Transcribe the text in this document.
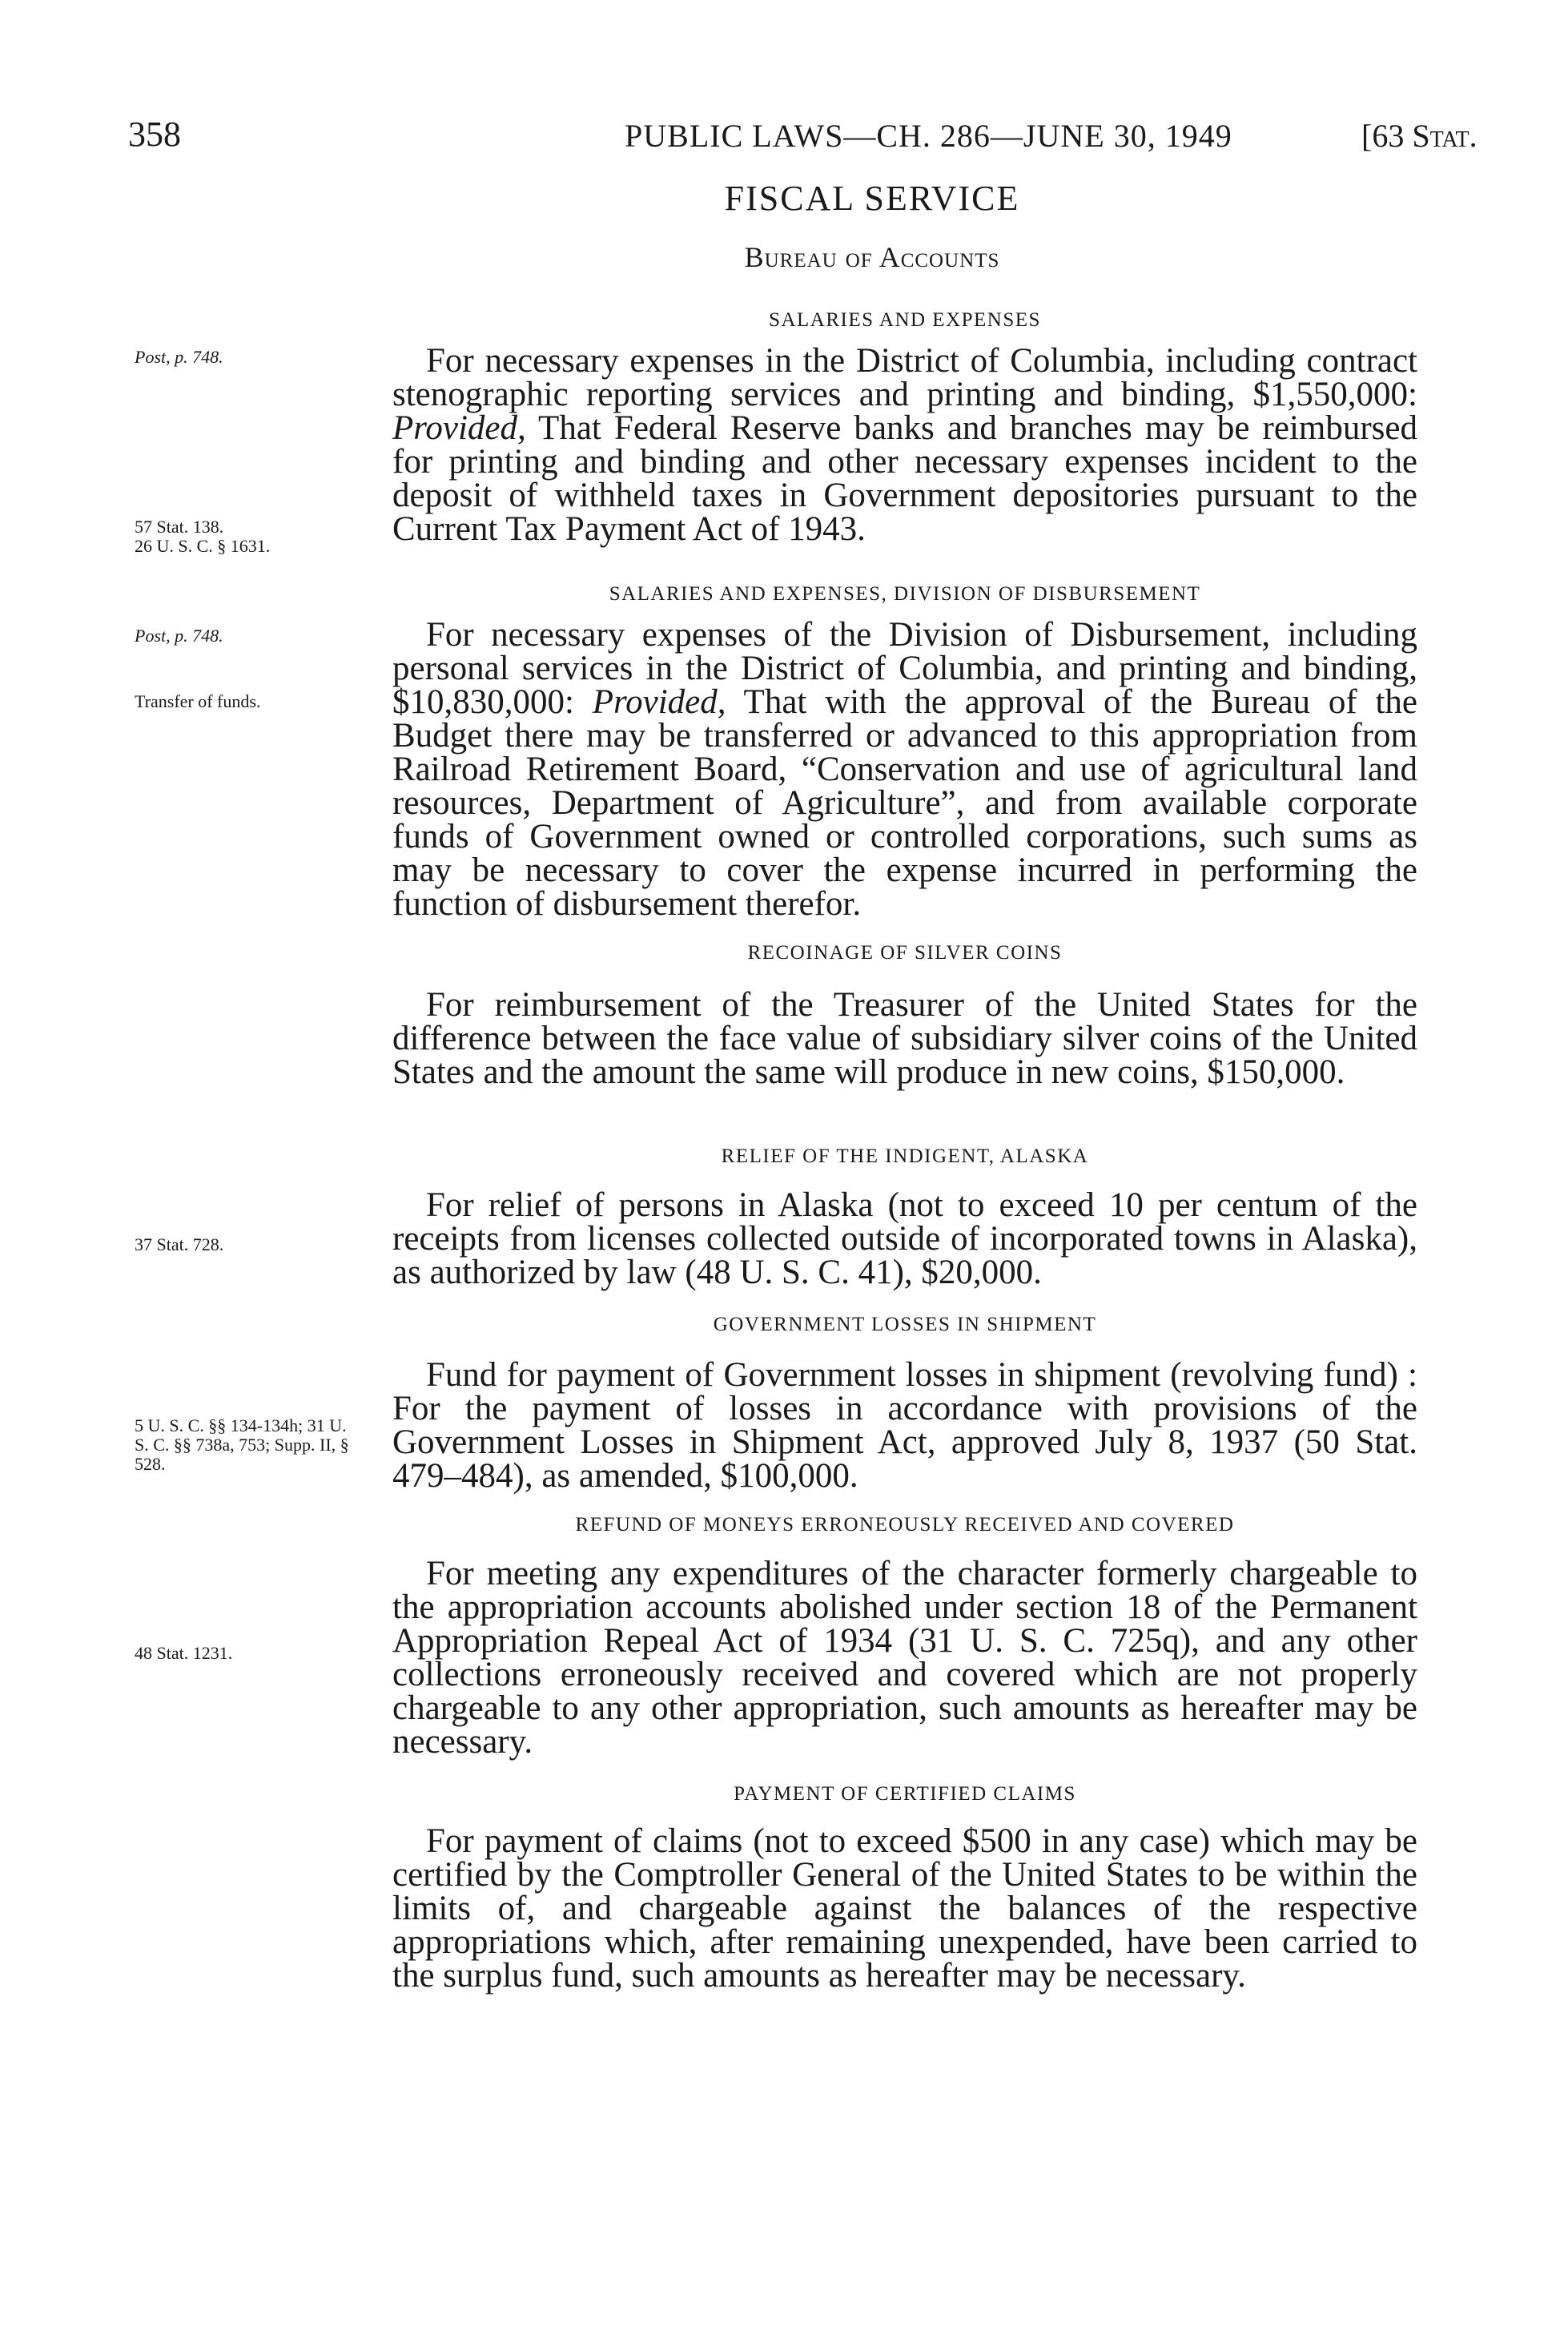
358	PUBLIC LAWS—CH. 286—JUNE 30, 1949	[63 Stat.
FISCAL SERVICE
Bureau of Accounts
SALARIES AND EXPENSES

For necessary expenses in the District of Columbia, including contract stenographic reporting services and printing and binding, $1,550,000: Provided, That Federal Reserve banks and branches may be reimbursed for printing and binding and other necessary expenses incident to the deposit of withheld taxes in Government depositories pursuant to the Current Tax Payment Act of 1943.

SALARIES AND EXPENSES, DIVISION OF DISBURSEMENT

For necessary expenses of the Division of Disbursement, including personal services in the District of Columbia, and printing and binding, $10,830,000: Provided, That with the approval of the Bureau of the Budget there may be transferred or advanced to this appropriation from Railroad Retirement Board, “Conservation and use of agricultural land resources, Department of Agriculture”, and from available corporate funds of Government owned or controlled corporations, such sums as may be necessary to cover the expense incurred in performing the function of disbursement therefor.

RECOINAGE OF SILVER COINS

For reimbursement of the Treasurer of the United States for the difference between the face value of subsidiary silver coins of the United States and the amount the same will produce in new coins, $150,000.

RELIEF OF THE INDIGENT, ALASKA

For relief of persons in Alaska (not to exceed 10 per centum of the receipts from licenses collected outside of incorporated towns in Alaska), as authorized by law (48 U. S. C. 41), $20,000.

GOVERNMENT LOSSES IN SHIPMENT

Fund for payment of Government losses in shipment (revolving fund) : For the payment of losses in accordance with provisions of the Government Losses in Shipment Act, approved July 8, 1937 (50 Stat. 479–484), as amended, $100,000.

REFUND OF MONEYS ERRONEOUSLY RECEIVED AND COVERED

For meeting any expenditures of the character formerly chargeable to the appropriation accounts abolished under section 18 of the Permanent Appropriation Repeal Act of 1934 (31 U. S. C. 725q), and any other collections erroneously received and covered which are not properly chargeable to any other appropriation, such amounts as hereafter may be necessary.

PAYMENT OF CERTIFIED CLAIMS

For payment of claims (not to exceed $500 in any case) which may be certified by the Comptroller General of the United States to be within the limits of, and chargeable against the balances of the respective appropriations which, after remaining unexpended, have been carried to the surplus fund, such amounts as hereafter may be necessary.

Post, p. 748.
57 Stat. 138.
26 U. S. C. § 1631.
Post, p. 748.
Transfer of funds.
37 Stat. 728.
5 U. S. C. §§ 134-134h; 31 U. S. C. §§ 738a, 753; Supp. II, § 528.
48 Stat. 1231.
